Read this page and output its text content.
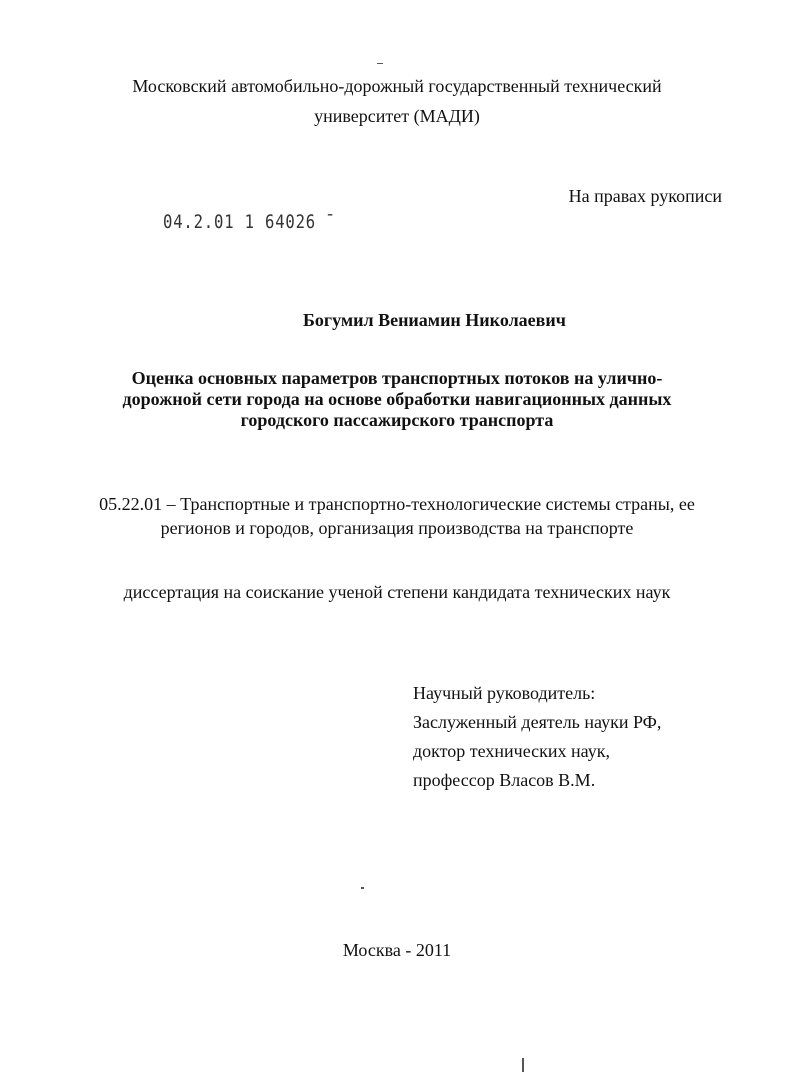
Московский автомобильно-дорожный государственный технический
университет (МАДИ)
На правах рукописи
04.2.01 1 64026 ̄
Богумил Вениамин Николаевич
Оценка основных параметров транспортных потоков на улично-
дорожной сети города на основе обработки навигационных данных
городского пассажирского транспорта
05.22.01 – Транспортные и транспортно-технологические системы страны, ее
регионов и городов, организация производства на транспорте
диссертация на соискание ученой степени кандидата технических наук
Научный руководитель:
Заслуженный деятель науки РФ,
доктор технических наук,
профессор Власов В.М.
Москва - 2011
